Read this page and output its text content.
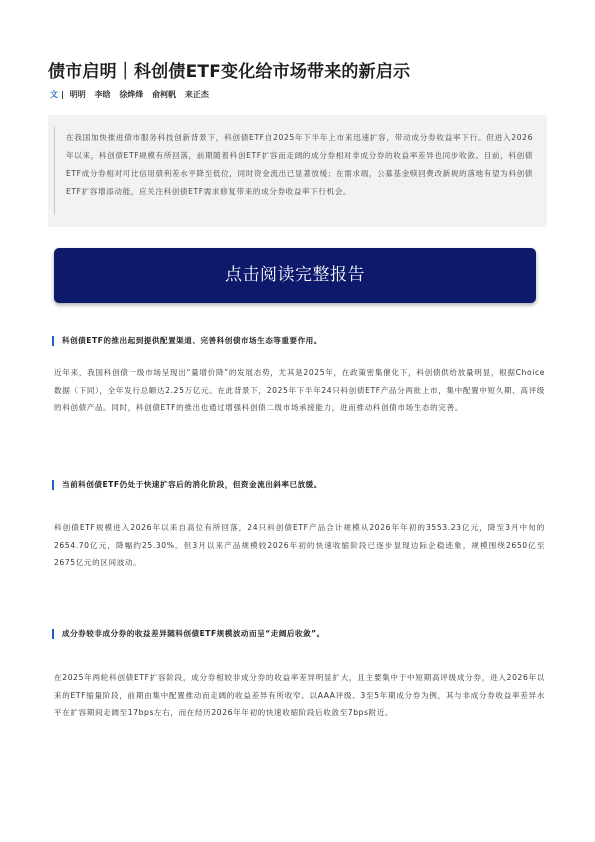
债市启明｜科创债ETF变化给市场带来的新启示
文 | 明明 李晗 徐烨烽 俞柯帆 来正杰
在我国加快推进债市服务科技创新背景下，科创债ETF自2025年下半年上市来迅速扩容，带动成分券收益率下行。但进入2026年以来，科创债ETF规模有所回落，前期随着科创ETF扩容而走阔的成分券相对非成分券的收益率差异也同步收敛。目前，科创债ETF成分券相对可比信用债利差水平降至低位，同时资金流出已显著放缓；在需求端，公募基金赎回费改新规的落地有望为科创债ETF扩容增添动能，应关注科创债ETF需求修复带来的成分券收益率下行机会。
点击阅读完整报告
科创债ETF的推出起到提供配置渠道、完善科创债市场生态等重要作用。
近年来，我国科创债一级市场呈现出“量增价降”的发展态势，尤其是2025年，在政策密集催化下，科创债供给放量明显，根据Choice数据（下同），全年发行总额达2.25万亿元。在此背景下，2025年下半年24只科创债ETF产品分两批上市，集中配置中短久期、高评级的科创债产品。同时，科创债ETF的推出也通过增强科创债二级市场承接能力，进而推动科创债市场生态的完善。
当前科创债ETF仍处于快速扩容后的消化阶段，但资金流出斜率已放缓。
科创债ETF规模进入2026年以来自高位有所回落，24只科创债ETF产品合计规模从2026年年初的3553.23亿元，降至3月中旬的2654.70亿元，降幅约25.30%。但3月以来产品规模较2026年初的快速收缩阶段已逐步显现边际企稳迹象，规模围绕2650亿至2675亿元的区间波动。
成分券较非成分券的收益差异随科创债ETF规模波动而呈“走阔后收敛”。
在2025年两轮科创债ETF扩容阶段，成分券相较非成分券的收益率差异明显扩大，且主要集中于中短期高评级成分券，进入2026年以来的ETF缩量阶段，前期由集中配置推动而走阔的收益差异有所收窄。以AAA评级、3至5年期成分券为例，其与非成分券收益率差异水平在扩容期间走阔至17bps左右，而在经历2026年年初的快速收缩阶段后收敛至7bps附近。
